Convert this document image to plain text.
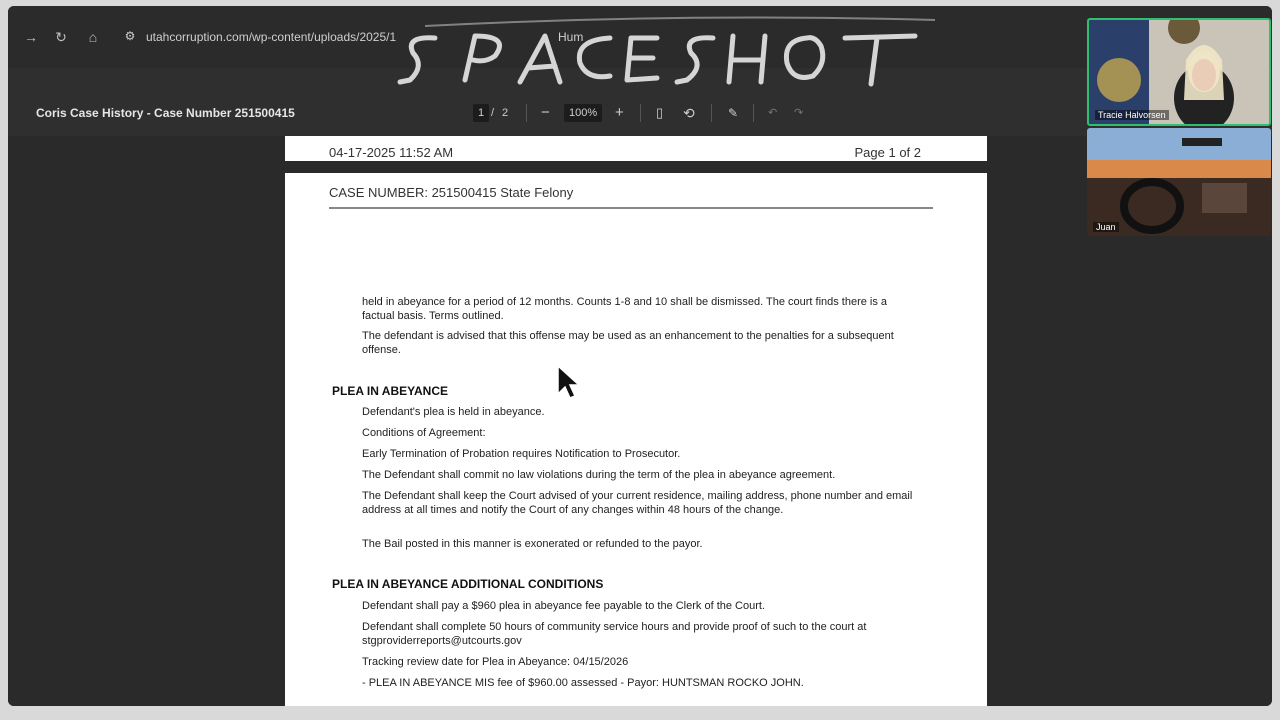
→ ↻	⌂	⚙ utahcorruption.com/wp-content/uploads/2025/1	Hum
Coris Case History - Case Number 251500415	1 / 2 −	100%	+ ▯ ⟲	✎	↶ ↷
04-17-2025 11:52 AM	Page 1 of 2
CASE NUMBER: 251500415 State Felony
held in abeyance for a period of 12 months. Counts 1-8 and 10 shall be dismissed. The court finds there is a factual basis. Terms outlined.
The defendant is advised that this offense may be used as an enhancement to the penalties for a subsequent offense.
PLEA IN ABEYANCE
Defendant's plea is held in abeyance.
Conditions of Agreement:
Early Termination of Probation requires Notification to Prosecutor.
The Defendant shall commit no law violations during the term of the plea in abeyance agreement.
The Defendant shall keep the Court advised of your current residence, mailing address, phone number and email address at all times and notify the Court of any changes within 48 hours of the change.
The Bail posted in this manner is exonerated or refunded to the payor.
PLEA IN ABEYANCE ADDITIONAL CONDITIONS
Defendant shall pay a $960 plea in abeyance fee payable to the Clerk of the Court.
Defendant shall complete 50 hours of community service hours and provide proof of such to the court at stgproviderreports@utcourts.gov
Tracking review date for Plea in Abeyance: 04/15/2026
- PLEA IN ABEYANCE MIS fee of $960.00 assessed - Payor: HUNTSMAN ROCKO JOHN.
Tracie Halvorsen
Juan
